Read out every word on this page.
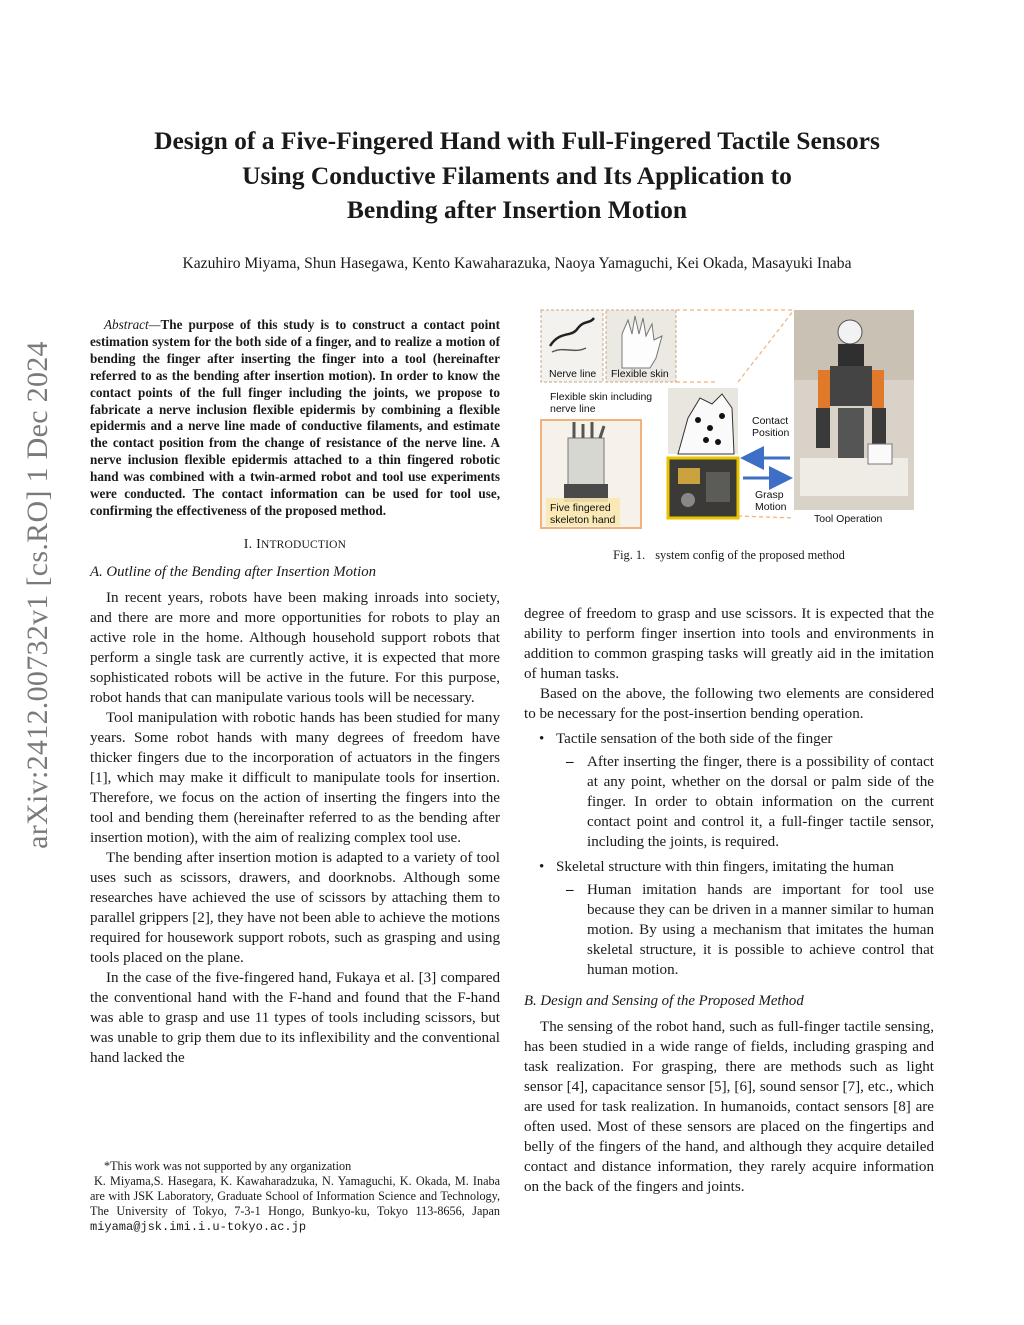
arXiv:2412.00732v1 [cs.RO] 1 Dec 2024
Design of a Five-Fingered Hand with Full-Fingered Tactile Sensors
Using Conductive Filaments and Its Application to
Bending after Insertion Motion
Kazuhiro Miyama, Shun Hasegawa, Kento Kawaharazuka, Naoya Yamaguchi, Kei Okada, Masayuki Inaba

Abstract—The purpose of this study is to construct a contact point estimation system for the both side of a finger, and to realize a motion of bending the finger after inserting the finger into a tool (hereinafter referred to as the bending after insertion motion). In order to know the contact points of the full finger including the joints, we propose to fabricate a nerve inclusion flexible epidermis by combining a flexible epidermis and a nerve line made of conductive filaments, and estimate the contact position from the change of resistance of the nerve line. A nerve inclusion flexible epidermis attached to a thin fingered robotic hand was combined with a twin-armed robot and tool use experiments were conducted. The contact information can be used for tool use, confirming the effectiveness of the proposed method.

I. INTRODUCTION
A. Outline of the Bending after Insertion Motion

In recent years, robots have been making inroads into society, and there are more and more opportunities for robots to play an active role in the home. Although household support robots that perform a single task are currently active, it is expected that more sophisticated robots will be active in the future. For this purpose, robot hands that can manipulate various tools will be necessary.

Tool manipulation with robotic hands has been studied for many years. Some robot hands with many degrees of freedom have thicker fingers due to the incorporation of actuators in the fingers [1], which may make it difficult to manipulate tools for insertion. Therefore, we focus on the action of inserting the fingers into the tool and bending them (hereinafter referred to as the bending after insertion motion), with the aim of realizing complex tool use.

The bending after insertion motion is adapted to a variety of tool uses such as scissors, drawers, and doorknobs. Although some researches have achieved the use of scissors by attaching them to parallel grippers [2], they have not been able to achieve the motions required for housework support robots, such as grasping and using tools placed on the plane.

In the case of the five-fingered hand, Fukaya et al. [3] compared the conventional hand with the F-hand and found that the F-hand was able to grasp and use 11 types of tools including scissors, but was unable to grip them due to its inflexibility and the conventional hand lacked the

*This work was not supported by any organization

K. Miyama,S. Hasegara, K. Kawaharadzuka, N. Yamaguchi, K. Okada, M. Inaba are with JSK Laboratory, Graduate School of Information Science and Technology, The University of Tokyo, 7-3-1 Hongo, Bunkyo-ku, Tokyo 113-8656, Japan miyama@jsk.imi.i.u-tokyo.ac.jp

Nerve line Flexible skin
Flexible skin including
nerve line
Five fingered
skeleton hand
Contact
Position
Grasp
Motion
Tool Operation
Fig. 1. system config of the proposed method

degree of freedom to grasp and use scissors. It is expected that the ability to perform finger insertion into tools and environments in addition to common grasping tasks will greatly aid in the imitation of human tasks.

Based on the above, the following two elements are considered to be necessary for the post-insertion bending operation.

• Tactile sensation of the both side of the finger

– After inserting the finger, there is a possibility of contact at any point, whether on the dorsal or palm side of the finger. In order to obtain information on the current contact point and control it, a full-finger tactile sensor, including the joints, is required.

• Skeletal structure with thin fingers, imitating the human

– Human imitation hands are important for tool use because they can be driven in a manner similar to human motion. By using a mechanism that imitates the human skeletal structure, it is possible to achieve control that human motion.

B. Design and Sensing of the Proposed Method

The sensing of the robot hand, such as full-finger tactile sensing, has been studied in a wide range of fields, including grasping and task realization. For grasping, there are methods such as light sensor [4], capacitance sensor [5], [6], sound sensor [7], etc., which are used for task realization. In humanoids, contact sensors [8] are often used. Most of these sensors are placed on the fingertips and belly of the fingers of the hand, and although they acquire detailed contact and distance information, they rarely acquire information on the back of the fingers and joints.
